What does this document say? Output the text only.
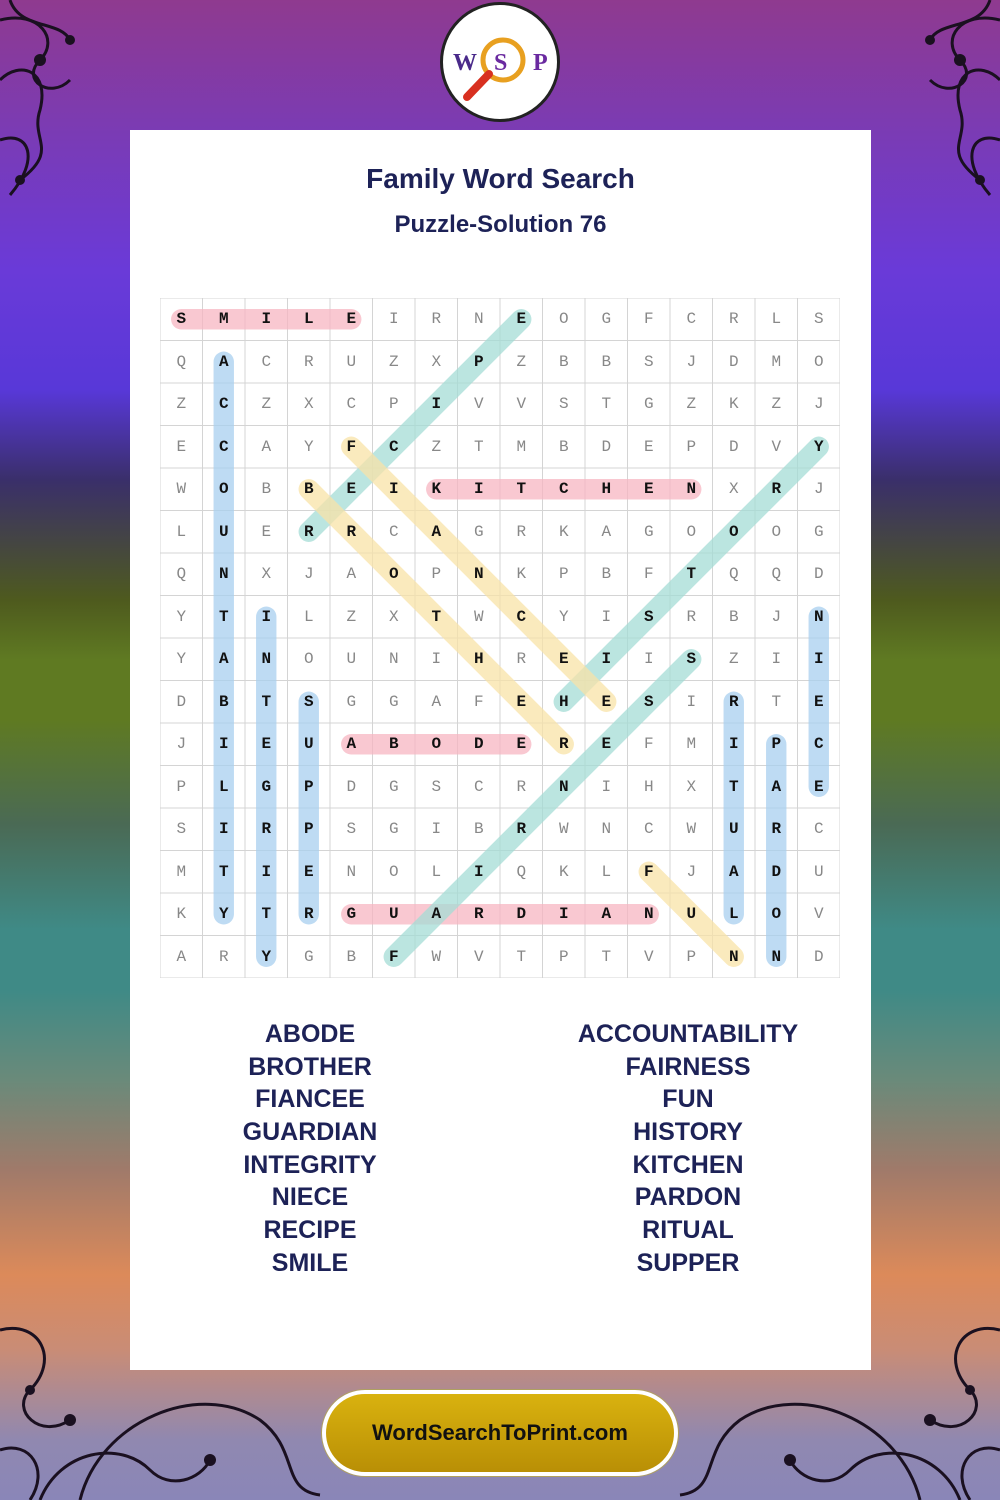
W S P
Family Word Search
Puzzle-Solution 76
S	M	I	L	E	I	R	N	E	O	G	F	C	R	L	S
Q	A	C	R	U	Z	X	P	Z	B	B	S	J	D	M	O
Z	C	Z	X	C	P	I	V	V	S	T	G	Z	K	Z	J
E	C	A	Y	F	C	Z	T	M	B	D	E	P	D	V	Y
W	O	B	B	E	I	K	I	T	C	H	E	N	X	R	J
L	U	E	R	R	C	A	G	R	K	A	G	O	O	O	G
Q	N	X	J	A	O	P	N	K	P	B	F	T	Q	Q	D
Y	T	I	L	Z	X	T	W	C	Y	I	S	R	B	J	N
Y	A	N	O	U	N	I	H	R	E	I	I	S	Z	I	I
D	B	T	S	G	G	A	F	E	H	E	S	I	R	T	E
J	I	E	U	A	B	O	D	E	R	E	F	M	I	P	C
P	L	G	P	D	G	S	C	R	N	I	H	X	T	A	E
S	I	R	P	S	G	I	B	R	W	N	C	W	U	R	C
M	T	I	E	N	O	L	I	Q	K	L	F	J	A	D	U
K	Y	T	R	G	U	A	R	D	I	A	N	U	L	O	V
A	R	Y	G	B	F	W	V	T	P	T	V	P	N	N	D
ABODE
BROTHER
FIANCEE
GUARDIAN
INTEGRITY
NIECE
RECIPE
SMILE
ACCOUNTABILITY
FAIRNESS
FUN
HISTORY
KITCHEN
PARDON
RITUAL
SUPPER
WordSearchToPrint.com
